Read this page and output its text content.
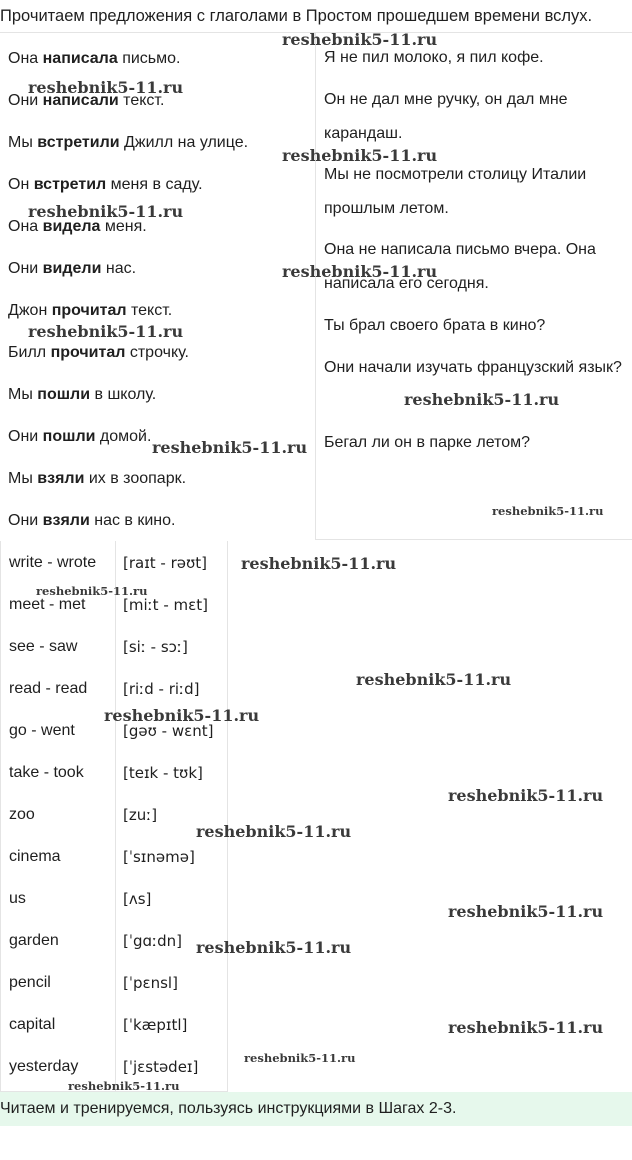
Прочитаем предложения с глаголами в Простом прошедшем времени вслух.
Она написала письмо.
Они написали текст.
Мы встретили Джилл на улице.
Он встретил меня в саду.
Она видела меня.
Они видели нас.
Джон прочитал текст.
Билл прочитал строчку.
Мы пошли в школу.
Они пошли домой.
Мы взяли их в зоопарк.
Они взяли нас в кино.
Я не пил молоко, я пил кофе.
Он не дал мне ручку, он дал мне карандаш.
Мы не посмотрели столицу Италии прошлым летом.
Она не написала письмо вчера. Она написала его сегодня.
Ты брал своего брата в кино?
Они начали изучать французский язык?
Бегал ли он в парке летом?
write - wrote [raɪt - rəʊt]
meet - met	[miːt - mɛt]
see - saw	[siː - sɔː]
read - read [riːd - riːd]
go - went	[gəʊ - wɛnt]
take - took	[teɪk - tʊk]
zoo	[zuː]
cinema	[ˈsɪnəmə]
us	[ʌs]
garden	[ˈgɑːdn]
pencil	[ˈpɛnsl]
capital	[ˈkæpɪtl]
yesterday	[ˈjɛstədeɪ]
Читаем и тренируемся, пользуясь инструкциями в Шагах 2-3.
reshebnik5-11.ru
reshebnik5-11.ru
reshebnik5-11.ru
reshebnik5-11.ru
reshebnik5-11.ru
reshebnik5-11.ru
reshebnik5-11.ru
reshebnik5-11.ru
reshebnik5-11.ru
reshebnik5-11.ru
reshebnik5-11.ru
reshebnik5-11.ru
reshebnik5-11.ru
reshebnik5-11.ru
reshebnik5-11.ru
reshebnik5-11.ru
reshebnik5-11.ru
reshebnik5-11.ru
reshebnik5-11.ru
reshebnik5-11.ru
